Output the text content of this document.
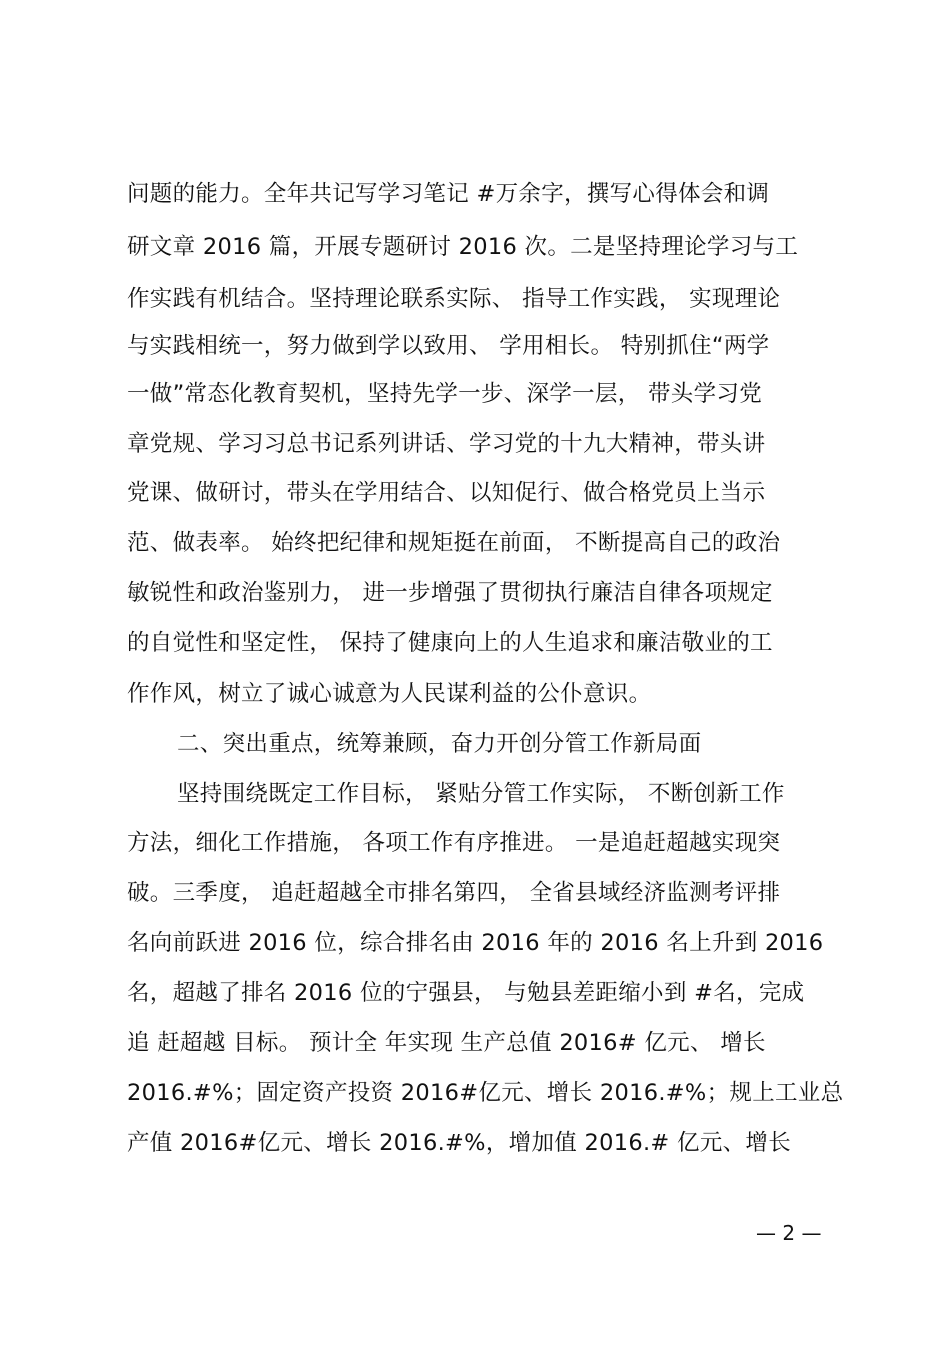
问题的能力。全年共记写学习笔记 #万余字，撰写心得体会和调
研文章 2016 篇，开展专题研讨 2016 次。二是坚持理论学习与工
作实践有机结合。坚持理论联系实际、 指导工作实践， 实现理论
与实践相统一，努力做到学以致用、 学用相长。 特别抓住“两学
一做”常态化教育契机，坚持先学一步、深学一层， 带头学习党
章党规、学习习总书记系列讲话、学习党的十九大精神，带头讲
党课、做研讨，带头在学用结合、以知促行、做合格党员上当示
范、做表率。 始终把纪律和规矩挺在前面， 不断提高自己的政治
敏锐性和政治鉴别力， 进一步增强了贯彻执行廉洁自律各项规定
的自觉性和坚定性， 保持了健康向上的人生追求和廉洁敬业的工
作作风，树立了诚心诚意为人民谋利益的公仆意识。
二、突出重点，统筹兼顾，奋力开创分管工作新局面
坚持围绕既定工作目标， 紧贴分管工作实际， 不断创新工作
方法，细化工作措施， 各项工作有序推进。 一是追赶超越实现突
破。三季度， 追赶超越全市排名第四， 全省县域经济监测考评排
名向前跃进 2016 位，综合排名由 2016 年的 2016 名上升到 2016
名，超越了排名 2016 位的宁强县， 与勉县差距缩小到 #名，完成
追 赶超越 目标。 预计全 年实现 生产总值 2016# 亿元、 增长
2016.#%；固定资产投资 2016#亿元、增长 2016.#%；规上工业总
产值 2016#亿元、增长 2016.#%，增加值 2016.# 亿元、增长
— 2 —
